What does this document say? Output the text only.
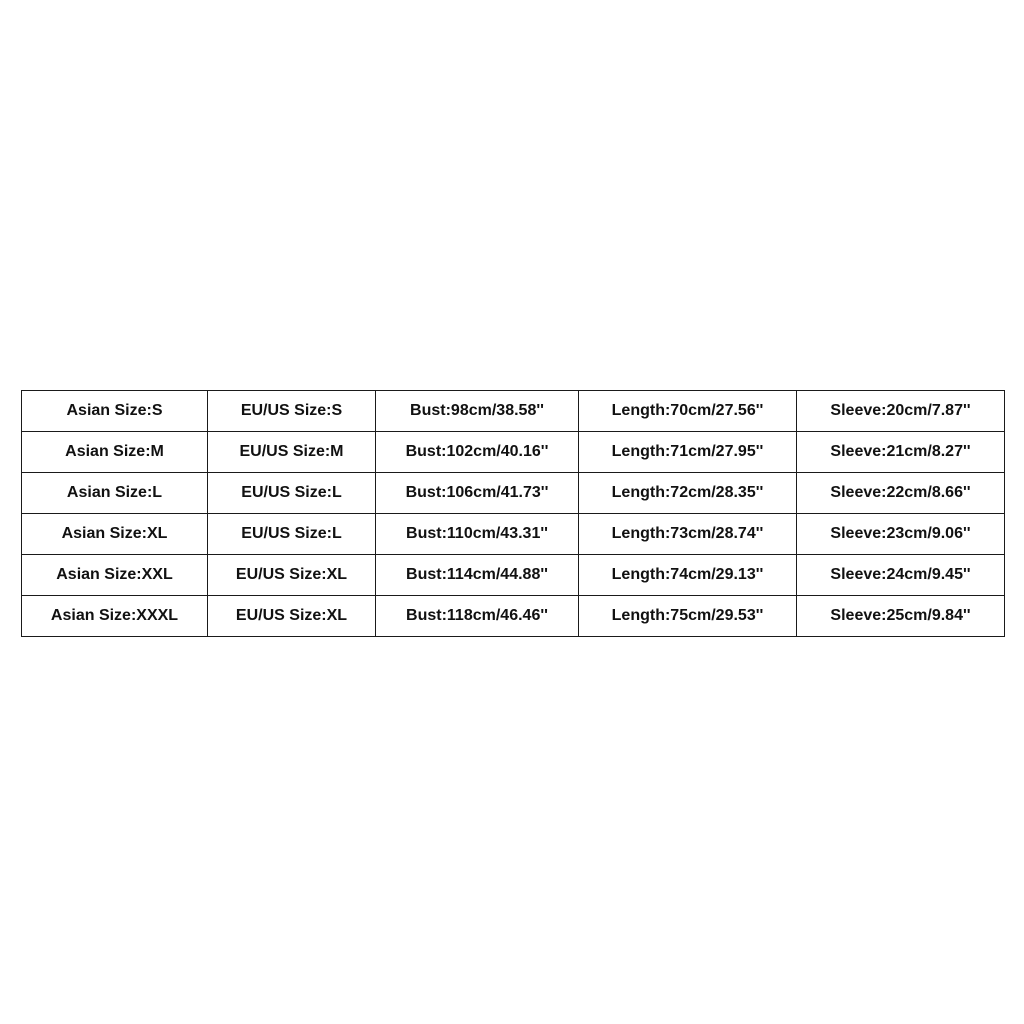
Asian Size:S	EU/US Size:S	Bust:98cm/38.58''	Length:70cm/27.56''	Sleeve:20cm/7.87''
Asian Size:M	EU/US Size:M	Bust:102cm/40.16''	Length:71cm/27.95''	Sleeve:21cm/8.27''
Asian Size:L	EU/US Size:L	Bust:106cm/41.73''	Length:72cm/28.35''	Sleeve:22cm/8.66''
Asian Size:XL	EU/US Size:L	Bust:110cm/43.31''	Length:73cm/28.74''	Sleeve:23cm/9.06''
Asian Size:XXL	EU/US Size:XL	Bust:114cm/44.88''	Length:74cm/29.13''	Sleeve:24cm/9.45''
Asian Size:XXXL	EU/US Size:XL	Bust:118cm/46.46''	Length:75cm/29.53''	Sleeve:25cm/9.84''
